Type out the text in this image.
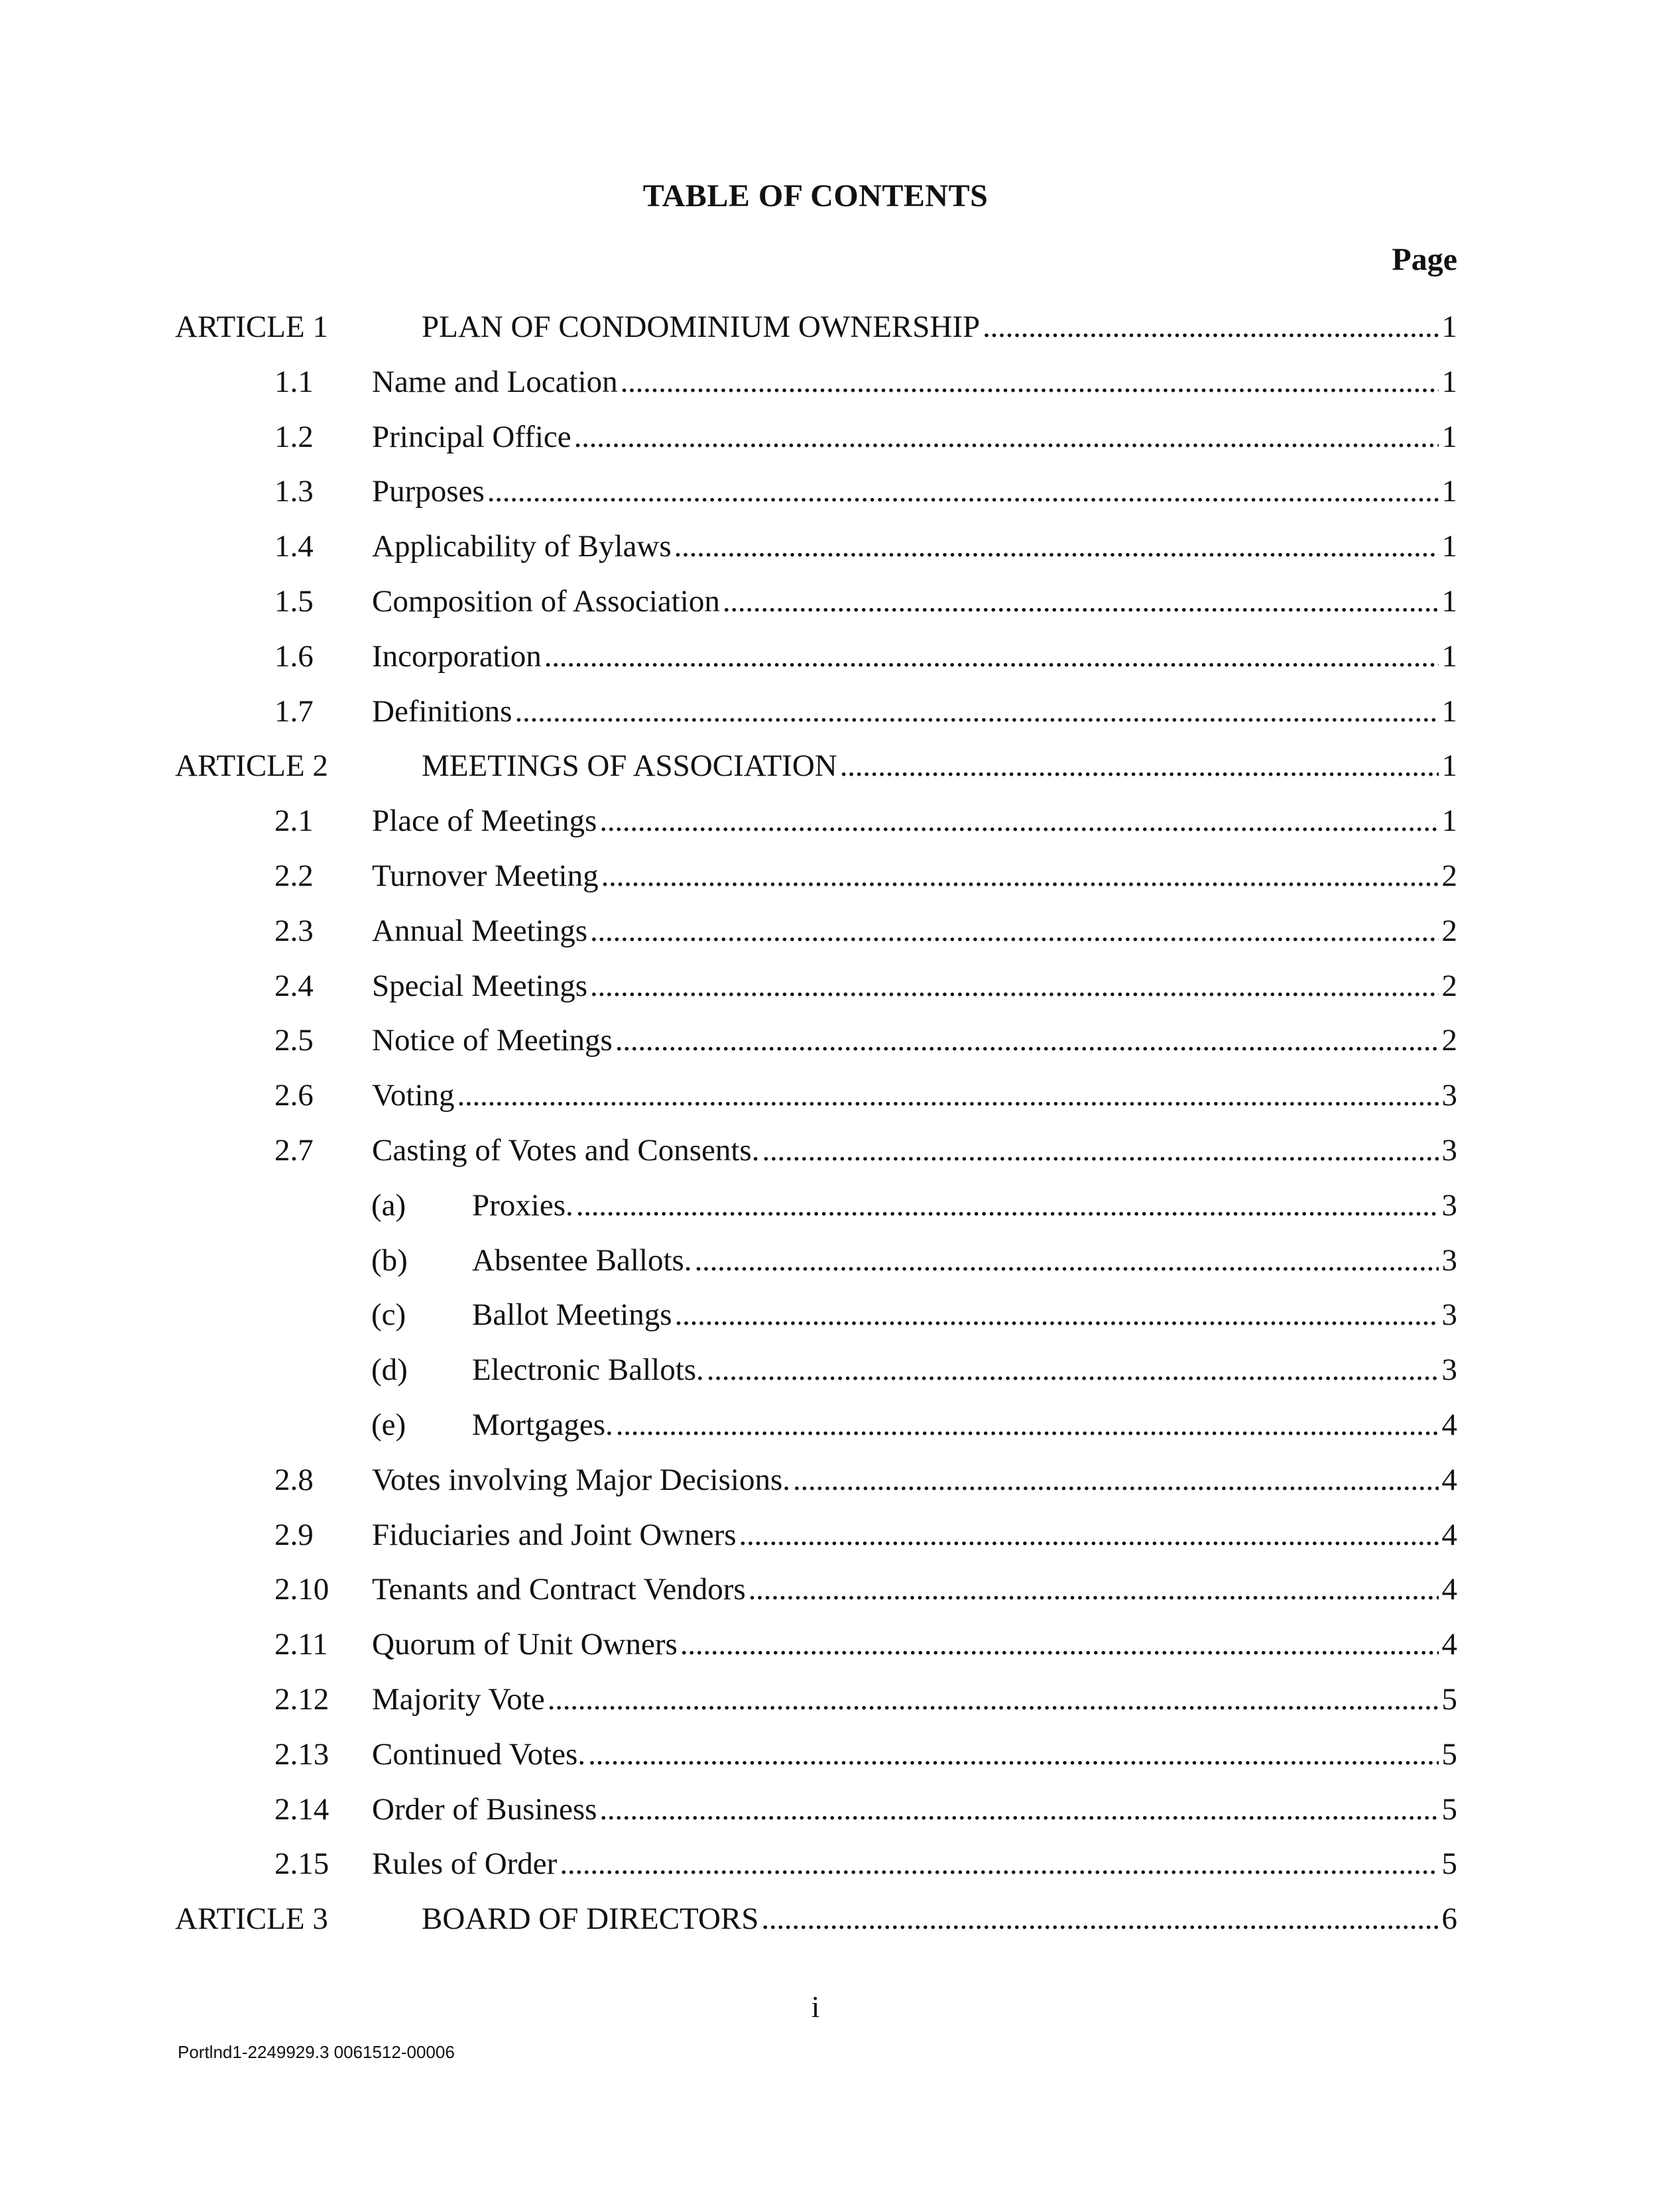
TABLE OF CONTENTS
Page
ARTICLE 1	PLAN OF CONDOMINIUM OWNERSHIP . . .	1
1.1 Name and Location . . .	1
1.2 Principal Office . . .	1
1.3 Purposes . . .	1
1.4 Applicability of Bylaws . . .	1
1.5 Composition of Association . . .	1
1.6 Incorporation . . .	1
1.7 Definitions . . .	1
ARTICLE 2	MEETINGS OF ASSOCIATION . . .	1
2.1 Place of Meetings . . .	1
2.2 Turnover Meeting . . .	2
2.3 Annual Meetings . . .	2
2.4 Special Meetings . . .	2
2.5 Notice of Meetings . . .	2
2.6 Voting . . .	3
2.7 Casting of Votes and Consents. . . .	3
(a) Proxies. . . .	3
(b) Absentee Ballots. . . .	3
(c) Ballot Meetings . . .	3
(d) Electronic Ballots. . . .	3
(e) Mortgages. . . .	4
2.8 Votes involving Major Decisions. . . .	4
2.9 Fiduciaries and Joint Owners . . .	4
2.10 Tenants and Contract Vendors . . .	4
2.11 Quorum of Unit Owners . . .	4
2.12 Majority Vote . . .	5
2.13 Continued Votes. . . .	5
2.14 Order of Business . . .	5
2.15 Rules of Order . . .	5
ARTICLE 3	BOARD OF DIRECTORS . . .	6
i
Portlnd1-2249929.3 0061512-00006
